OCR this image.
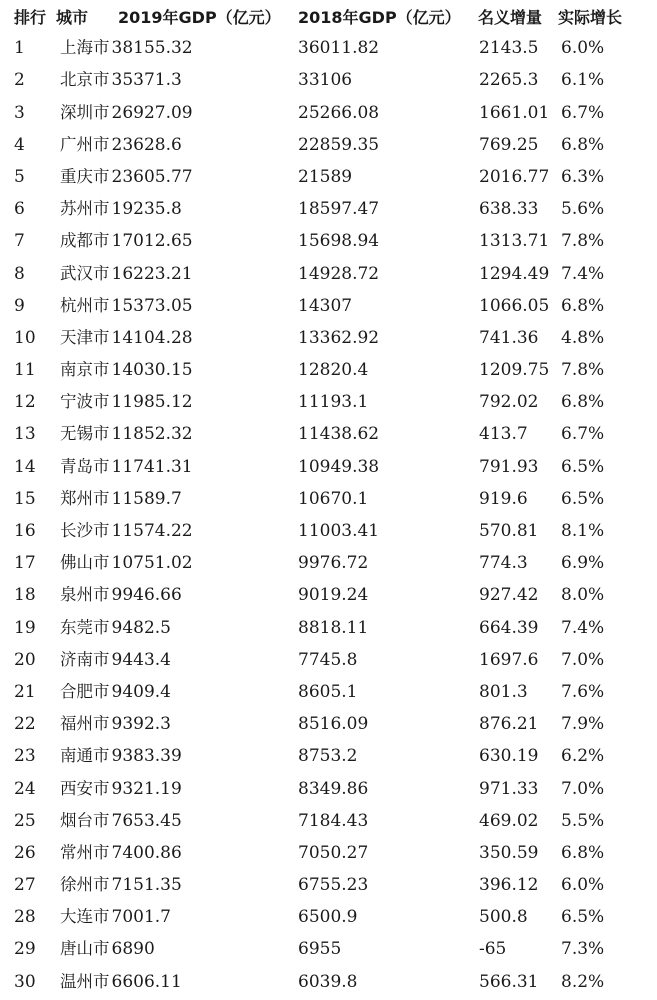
排行 城市 2019年GDP（亿元） 2018年GDP（亿元） 名义增量 实际增长
1 上海市 38155.32	36011.82	2143.5 6.0%
2 北京市 35371.3	33106	2265.3 6.1%
3 深圳市 26927.09	25266.08	1661.01 6.7%
4 广州市 23628.6	22859.35	769.25 6.8%
5 重庆市 23605.77	21589	2016.77 6.3%
6 苏州市 19235.8	18597.47	638.33 5.6%
7 成都市 17012.65	15698.94	1313.71 7.8%
8 武汉市 16223.21	14928.72	1294.49 7.4%
9 杭州市 15373.05	14307	1066.05 6.8%
10 天津市 14104.28	13362.92	741.36 4.8%
11 南京市 14030.15	12820.4	1209.75 7.8%
12 宁波市 11985.12	11193.1	792.02 6.8%
13 无锡市 11852.32	11438.62	413.7 6.7%
14 青岛市 11741.31	10949.38	791.93 6.5%
15 郑州市 11589.7	10670.1	919.6 6.5%
16 长沙市 11574.22	11003.41	570.81 8.1%
17 佛山市 10751.02	9976.72	774.3 6.9%
18 泉州市 9946.66	9019.24	927.42 8.0%
19 东莞市 9482.5	8818.11	664.39 7.4%
20 济南市 9443.4	7745.8	1697.6 7.0%
21 合肥市 9409.4	8605.1	801.3 7.6%
22 福州市 9392.3	8516.09	876.21 7.9%
23 南通市 9383.39	8753.2	630.19 6.2%
24 西安市 9321.19	8349.86	971.33 7.0%
25 烟台市 7653.45	7184.43	469.02 5.5%
26 常州市 7400.86	7050.27	350.59 6.8%
27 徐州市 7151.35	6755.23	396.12 6.0%
28 大连市 7001.7	6500.9	500.8 6.5%
29 唐山市 6890	6955	-65	7.3%
30 温州市 6606.11	6039.8	566.31 8.2%
